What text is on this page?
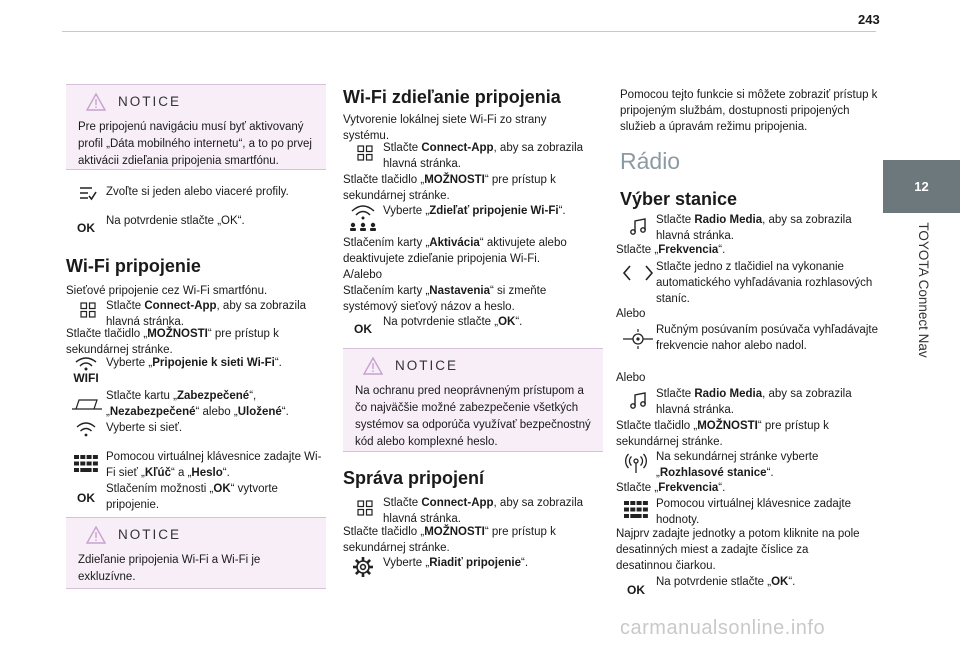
243
12
TOYOTA Connect Nav
NOTICE
Pre pripojenú navigáciu musí byť aktivovaný profil „Dáta mobilného internetu“, a to po prvej aktivácii zdieľania pripojenia smartfónu.
Zvoľte si jeden alebo viaceré profily.
OK Na potvrdenie stlačte „OK“.
Wi-Fi pripojenie
Sieťové pripojenie cez Wi-Fi smartfónu.
Stlačte Connect-App, aby sa zobrazila hlavná stránka.
Stlačte tlačidlo „MOŽNOSTI“ pre prístup k sekundárnej stránke.
WIFI
Vyberte „Pripojenie k sieti Wi-Fi“.
Stlačte kartu „Zabezpečené“, „Nezabezpečené“ alebo „Uložené“.
Vyberte si sieť.
Pomocou virtuálnej klávesnice zadajte Wi-Fi sieť „Kľúč“ a „Heslo“.
OK
Stlačením možnosti „OK“ vytvorte pripojenie.
NOTICE
Zdieľanie pripojenia Wi-Fi a Wi-Fi je exkluzívne.
Wi-Fi zdieľanie pripojenia
Vytvorenie lokálnej siete Wi-Fi zo strany systému.
Stlačte Connect-App, aby sa zobrazila hlavná stránka.
Stlačte tlačidlo „MOŽNOSTI“ pre prístup k sekundárnej stránke.
Vyberte „Zdieľať pripojenie Wi-Fi“.
Stlačením karty „Aktivácia“ aktivujete alebo deaktivujete zdieľanie pripojenia Wi-Fi.
A/alebo
Stlačením karty „Nastavenia“ si zmeňte systémový sieťový názov a heslo.
OK Na potvrdenie stlačte „OK“.
NOTICE
Na ochranu pred neoprávneným prístupom a čo najväčšie možné zabezpečenie všetkých systémov sa odporúča využívať bezpečnostný kód alebo komplexné heslo.
Správa pripojení
Stlačte Connect-App, aby sa zobrazila hlavná stránka.
Stlačte tlačidlo „MOŽNOSTI“ pre prístup k sekundárnej stránke.
Vyberte „Riadiť pripojenie“.
Pomocou tejto funkcie si môžete zobraziť prístup k pripojeným službám, dostupnosti pripojených služieb a úpravám režimu pripojenia.
Rádio
Výber stanice
Stlačte Radio Media, aby sa zobrazila hlavná stránka.
Stlačte „Frekvencia“.
Stlačte jedno z tlačidiel na vykonanie automatického vyhľadávania rozhlasových staníc.
Alebo
Ručným posúvaním posúvača vyhľadávajte frekvencie nahor alebo nadol.
Alebo
Stlačte Radio Media, aby sa zobrazila hlavná stránka.
Stlačte tlačidlo „MOŽNOSTI“ pre prístup k sekundárnej stránke.
Na sekundárnej stránke vyberte „Rozhlasové stanice“.
Stlačte „Frekvencia“.
Pomocou virtuálnej klávesnice zadajte hodnoty.
Najprv zadajte jednotky a potom kliknite na pole desatinných miest a zadajte číslice za desatinnou čiarkou.
OK
Na potvrdenie stlačte „OK“.
carmanualsonline.info
